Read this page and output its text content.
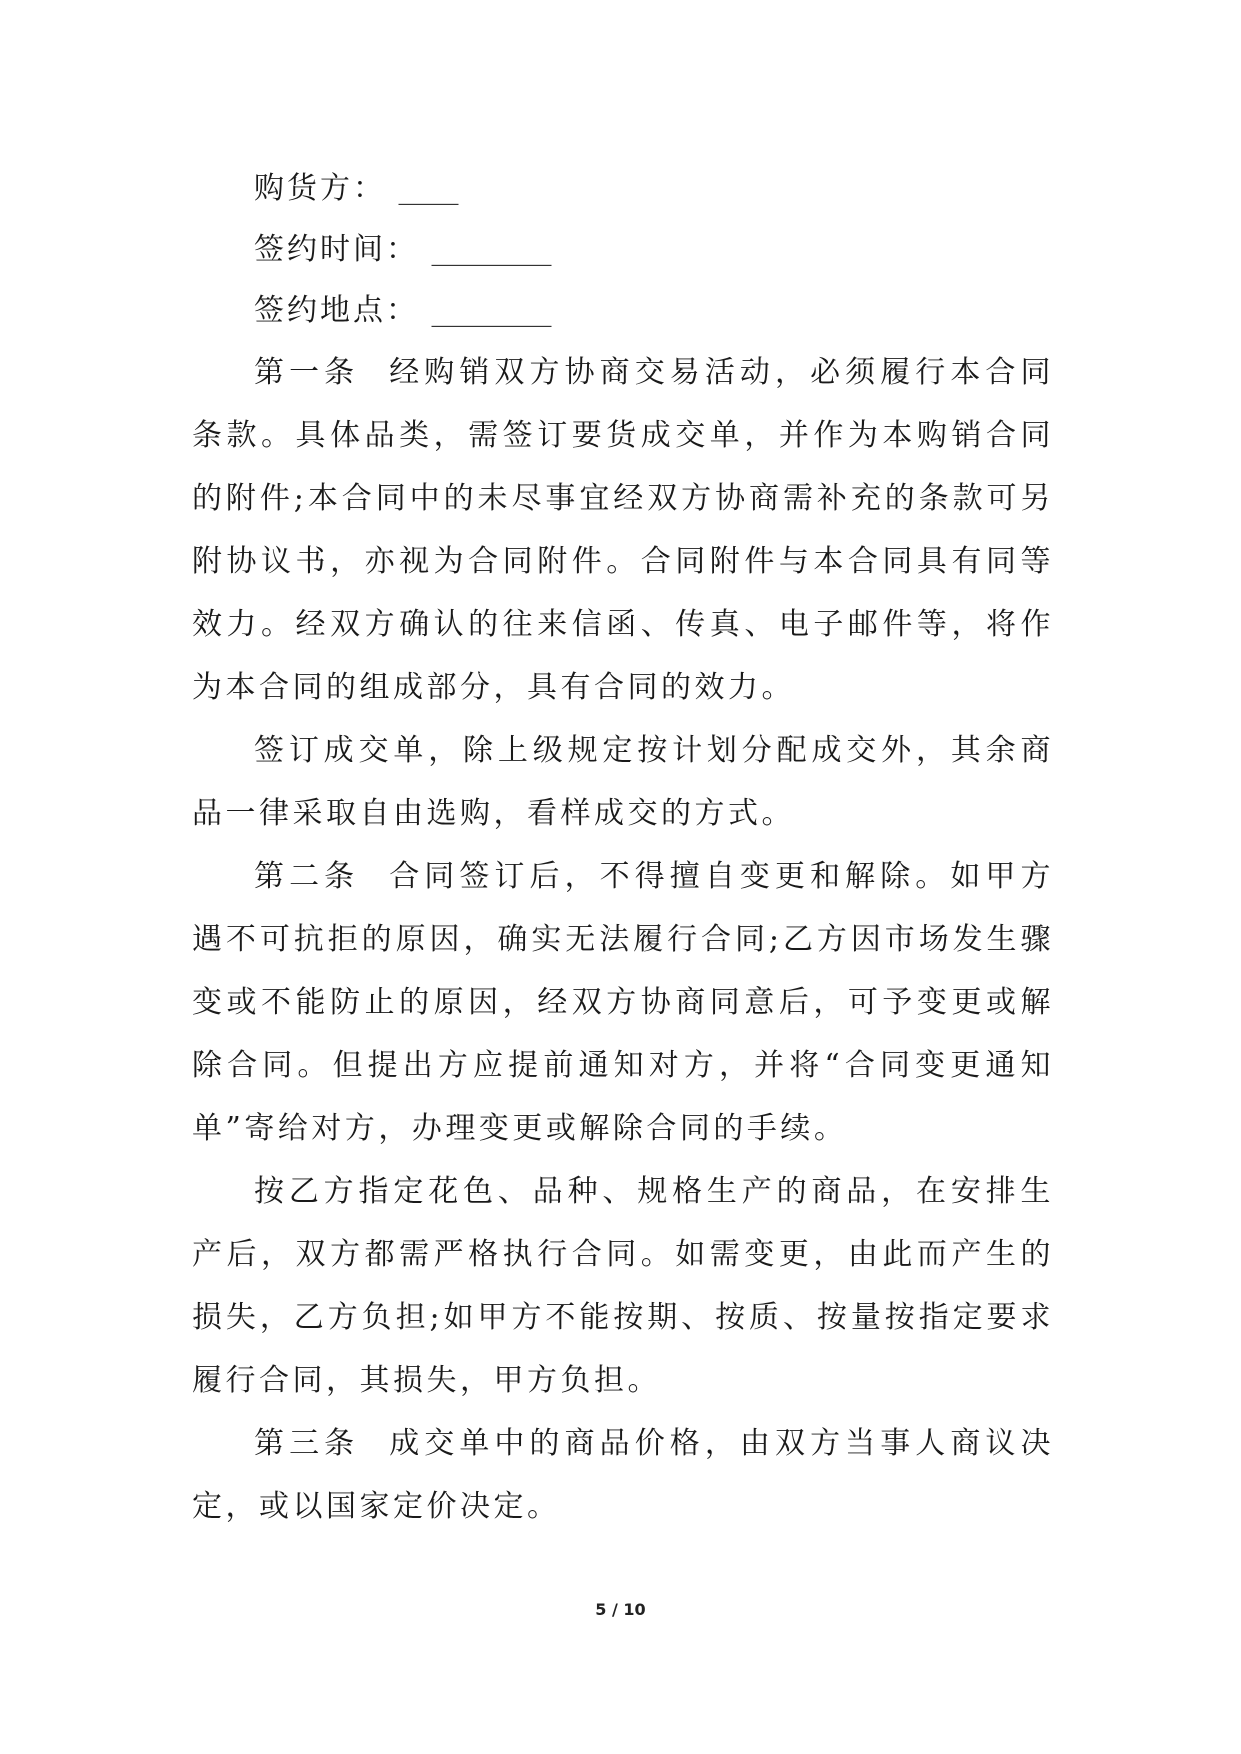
购货方： ____
签约时间： ________
签约地点： ________

第一条 经购销双方协商交易活动，必须履行本合同条款。具体品类，需签订要货成交单，并作为本购销合同的附件;本合同中的未尽事宜经双方协商需补充的条款可另附协议书，亦视为合同附件。合同附件与本合同具有同等效力。经双方确认的往来信函、传真、电子邮件等，将作为本合同的组成部分，具有合同的效力。

签订成交单，除上级规定按计划分配成交外，其余商品一律采取自由选购，看样成交的方式。

第二条 合同签订后，不得擅自变更和解除。如甲方遇不可抗拒的原因，确实无法履行合同;乙方因市场发生骤变或不能防止的原因，经双方协商同意后，可予变更或解除合同。但提出方应提前通知对方，并将“合同变更通知单”寄给对方，办理变更或解除合同的手续。

按乙方指定花色、品种、规格生产的商品，在安排生产后，双方都需严格执行合同。如需变更，由此而产生的损失，乙方负担;如甲方不能按期、按质、按量按指定要求履行合同，其损失，甲方负担。

第三条 成交单中的商品价格，由双方当事人商议决定，或以国家定价决定。

5 / 10
